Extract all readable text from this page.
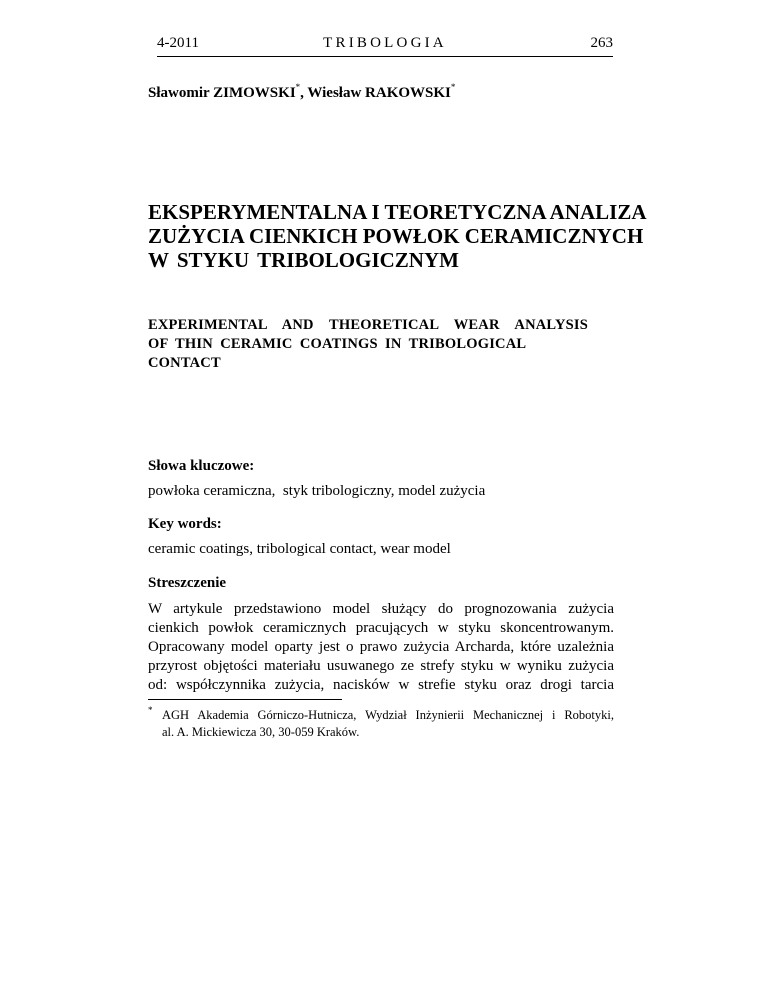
4-2011	TRIBOLOGIA	263
Sławomir ZIMOWSKI*, Wiesław RAKOWSKI*
EKSPERYMENTALNA I TEORETYCZNA ANALIZA
ZUŻYCIA CIENKICH POWŁOK CERAMICZNYCH
W STYKU TRIBOLOGICZNYM
EXPERIMENTAL AND THEORETICAL WEAR ANALYSIS
OF THIN CERAMIC COATINGS IN TRIBOLOGICAL
CONTACT
Słowa kluczowe:
powłoka ceramiczna,  styk tribologiczny, model zużycia
Key words:
ceramic coatings, tribological contact, wear model
Streszczenie
W artykule przedstawiono model służący do prognozowania zużycia
cienkich powłok ceramicznych pracujących w styku skoncentrowanym.
Opracowany model oparty jest o prawo zużycia Archarda, które uzależnia
przyrost objętości materiału usuwanego ze strefy styku w wyniku zużycia
od: współczynnika zużycia, nacisków w strefie styku oraz drogi tarcia
* AGH Akademia Górniczo-Hutnicza, Wydział Inżynierii Mechanicznej i Robotyki,
al. A. Mickiewicza 30, 30-059 Kraków.
